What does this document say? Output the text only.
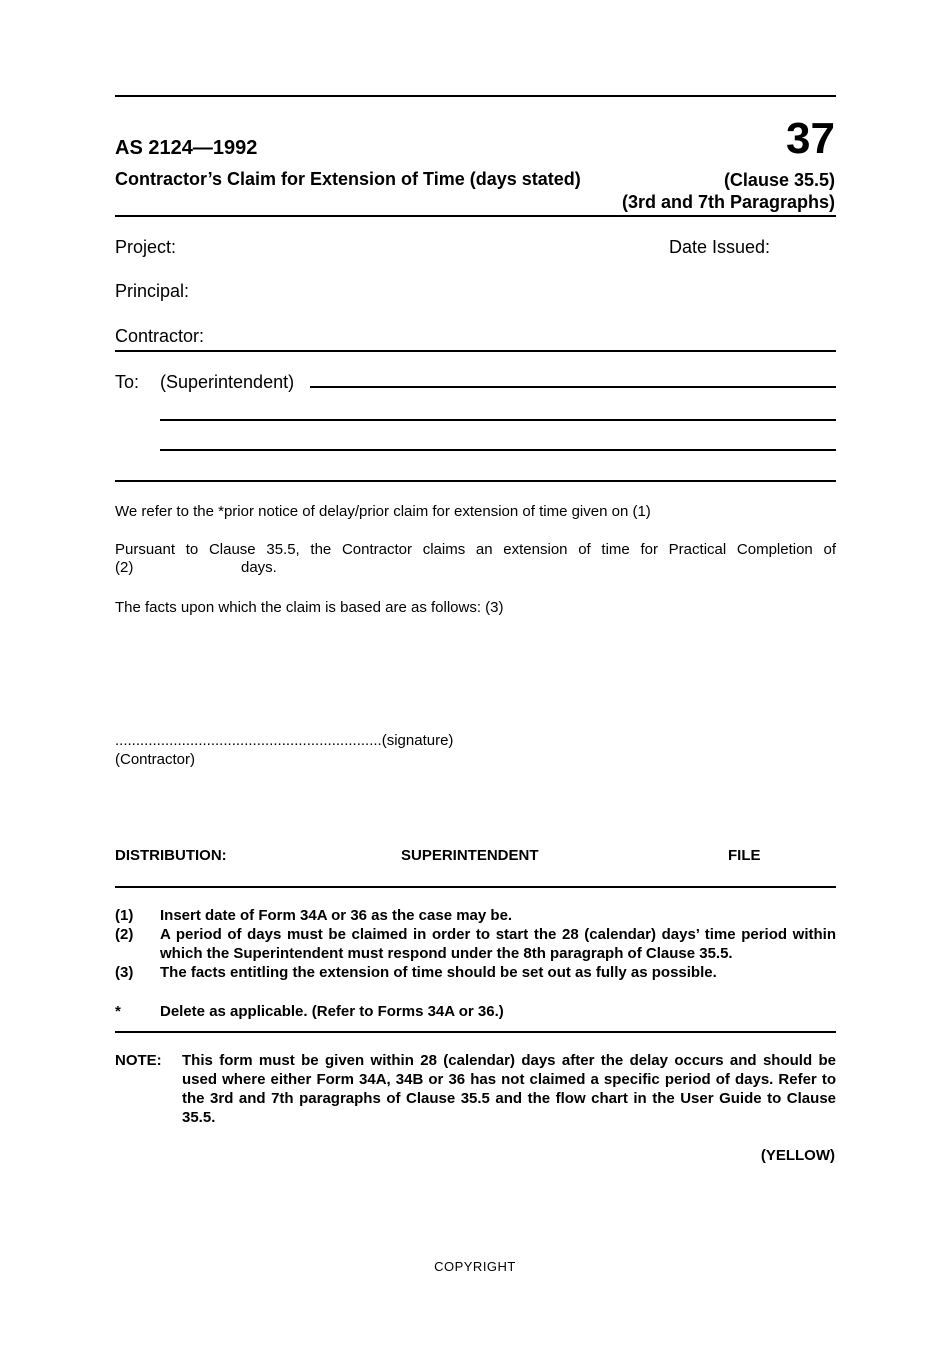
AS 2124—1992	37
Contractor’s Claim for Extension of Time (days stated)	(Clause 35.5)
(3rd and 7th Paragraphs)
Project:	Date Issued:
Principal:
Contractor:
To: (Superintendent)
We refer to the *prior notice of delay/prior claim for extension of time given on (1)
Pursuant to Clause 35.5, the Contractor claims an extension of time for Practical Completion of
(2)	days.
The facts upon which the claim is based are as follows: (3)
................................................................(signature)
(Contractor)
DISTRIBUTION:	SUPERINTENDENT	FILE
(1) Insert date of Form 34A or 36 as the case may be.
(2) A period of days must be claimed in order to start the 28 (calendar) days’ time period within which the Superintendent must respond under the 8th paragraph of Clause 35.5.
(3) The facts entitling the extension of time should be set out as fully as possible.
*	Delete as applicable. (Refer to Forms 34A or 36.)
NOTE: This form must be given within 28 (calendar) days after the delay occurs and should be used where either Form 34A, 34B or 36 has not claimed a specific period of days. Refer to the 3rd and 7th paragraphs of Clause 35.5 and the flow chart in the User Guide to Clause 35.5.
(YELLOW)
COPYRIGHT
